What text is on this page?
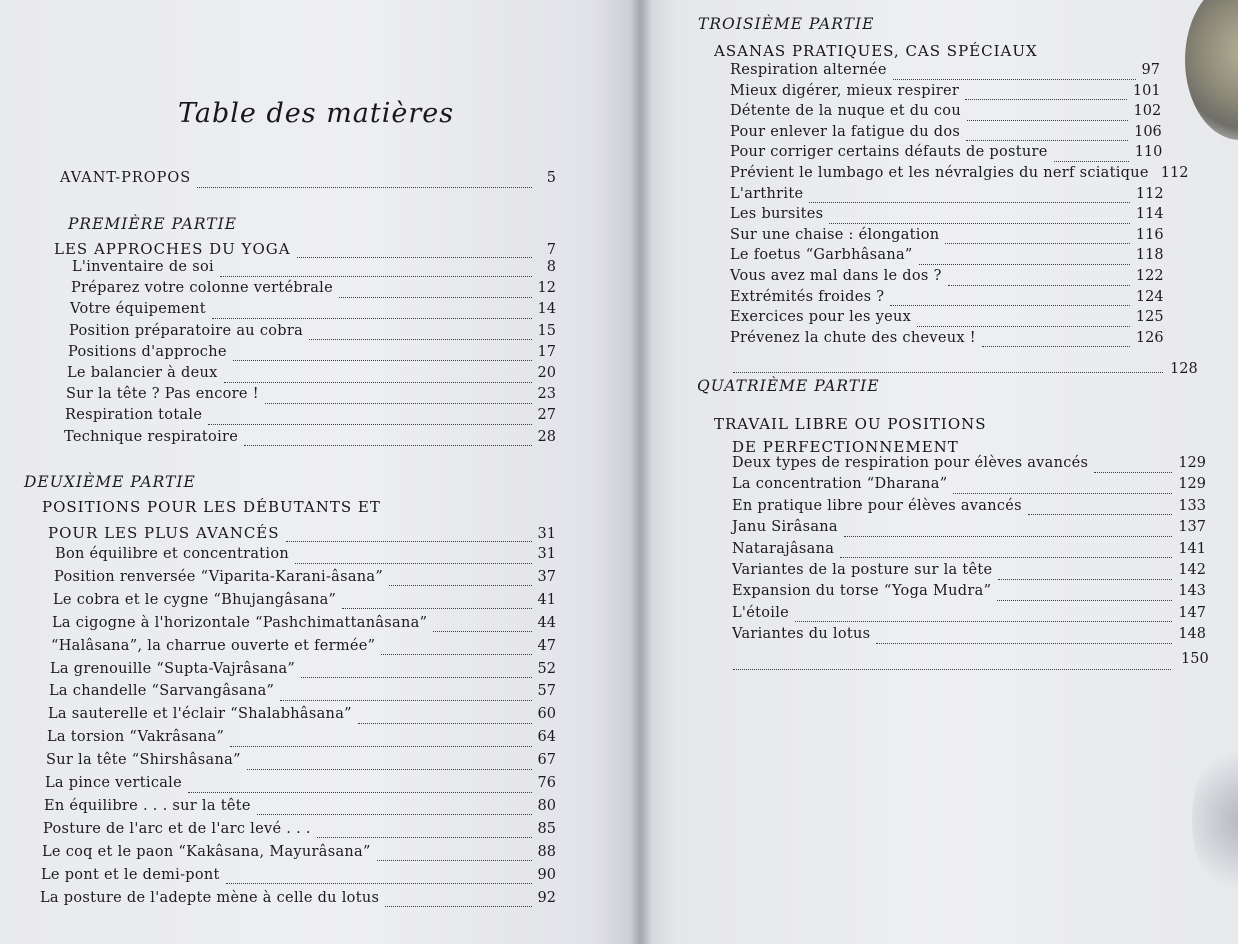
Table des matières
AVANT-PROPOS	5
PREMIÈRE PARTIE
LES APPROCHES DU YOGA	7
L'inventaire de soi	8
Préparez votre colonne vertébrale	12
Votre équipement	14
Position préparatoire au cobra	15
Positions d'approche	17
Le balancier à deux	20
Sur la tête ? Pas encore !	23
Respiration totale	27
Technique respiratoire	28
DEUXIÈME PARTIE
POSITIONS POUR LES DÉBUTANTS ET
POUR LES PLUS AVANCÉS	31
Bon équilibre et concentration	31
Position renversée “Viparita-Karani-âsana”	37
Le cobra et le cygne “Bhujangâsana”	41
La cigogne à l'horizontale “Pashchimattanâsana”	44
“Halâsana”, la charrue ouverte et fermée”	47
La grenouille “Supta-Vajrâsana”	52
La chandelle “Sarvangâsana”	57
La sauterelle et l'éclair “Shalabhâsana”	60
La torsion “Vakrâsana”	64
Sur la tête “Shirshâsana”	67
La pince verticale	76
En équilibre . . . sur la tête	80
Posture de l'arc et de l'arc levé . . .	85
Le coq et le paon “Kakâsana, Mayurâsana”	88
Le pont et le demi-pont	90
La posture de l'adepte mène à celle du lotus	92
TROISIÈME PARTIE
ASANAS PRATIQUES, CAS SPÉCIAUX
Respiration alternée	97
Mieux digérer, mieux respirer	101
Détente de la nuque et du cou	102
Pour enlever la fatigue du dos	106
Pour corriger certains défauts de posture	110
Prévient le lumbago et les névralgies du nerf sciatique 112
L'arthrite	112
Les bursites	114
Sur une chaise : élongation	116
Le foetus “Garbhâsana”	118
Vous avez mal dans le dos ?	122
Extrémités froides ?	124
Exercices pour les yeux	125
Prévenez la chute des cheveux !	126
128
QUATRIÈME PARTIE
TRAVAIL LIBRE OU POSITIONS
DE PERFECTIONNEMENT
Deux types de respiration pour élèves avancés	129
La concentration “Dharana”	129
En pratique libre pour élèves avancés	133
Janu Sirâsana	137
Natarajâsana	141
Variantes de la posture sur la tête	142
Expansion du torse “Yoga Mudra”	143
L'étoile	147
Variantes du lotus	148
150
